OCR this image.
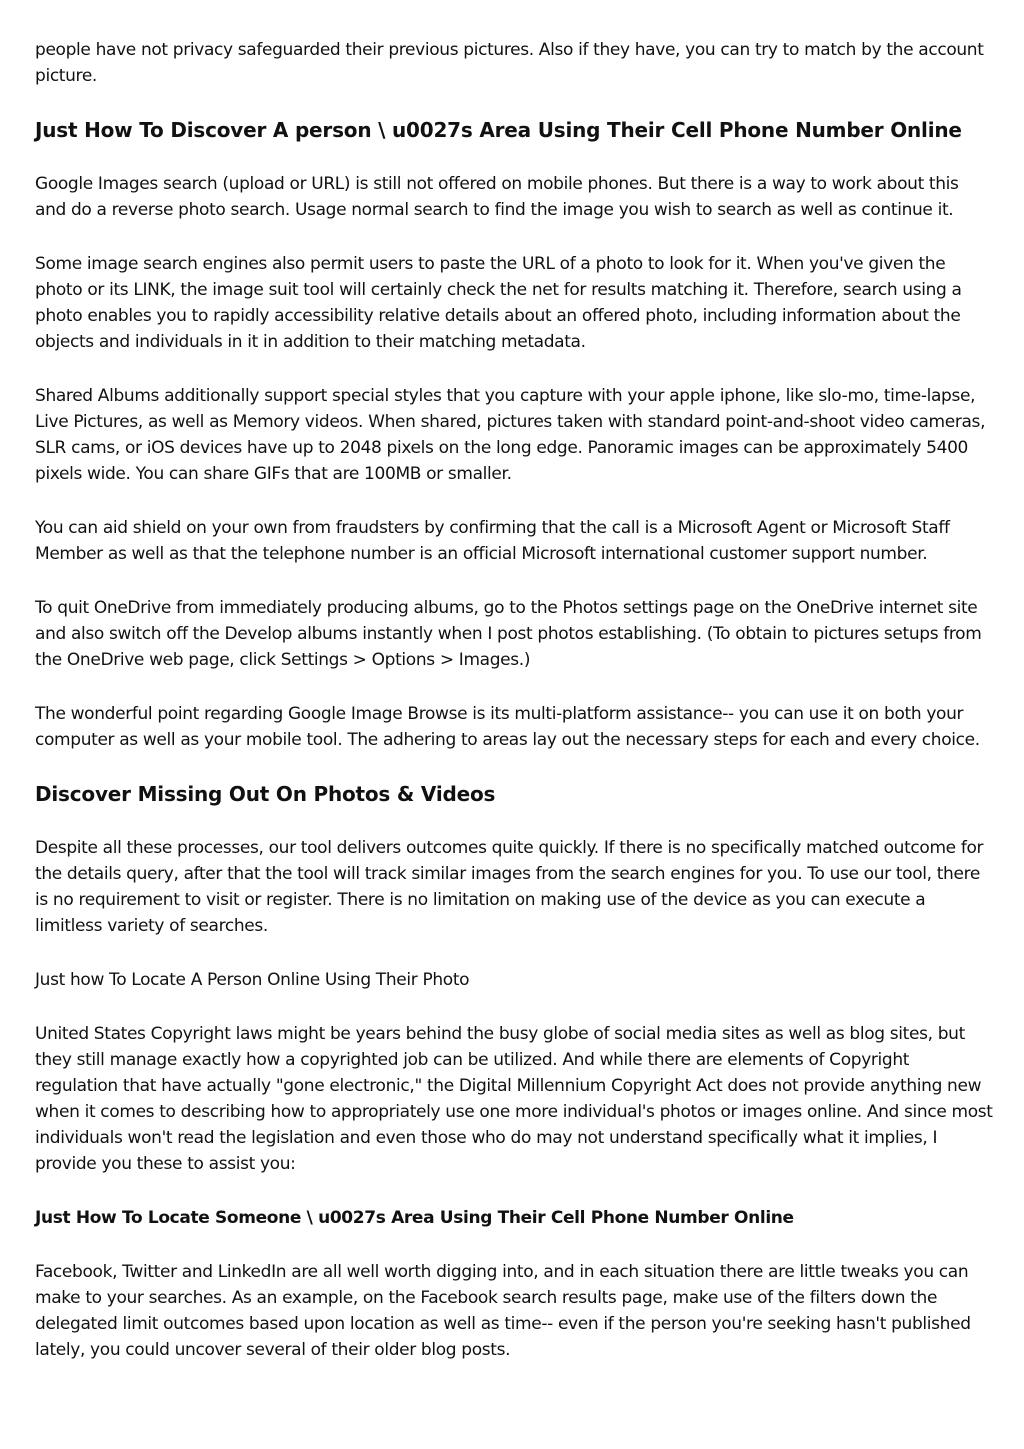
people have not privacy safeguarded their previous pictures. Also if they have, you can try to match by the account picture.

Just How To Discover A person \ u0027s Area Using Their Cell Phone Number Online

Google Images search (upload or URL) is still not offered on mobile phones. But there is a way to work about this and do a reverse photo search. Usage normal search to find the image you wish to search as well as continue it.

Some image search engines also permit users to paste the URL of a photo to look for it. When you've given the photo or its LINK, the image suit tool will certainly check the net for results matching it. Therefore, search using a photo enables you to rapidly accessibility relative details about an offered photo, including information about the objects and individuals in it in addition to their matching metadata.

Shared Albums additionally support special styles that you capture with your apple iphone, like slo-mo, time-lapse, Live Pictures, as well as Memory videos. When shared, pictures taken with standard point-and-shoot video cameras, SLR cams, or iOS devices have up to 2048 pixels on the long edge. Panoramic images can be approximately 5400 pixels wide. You can share GIFs that are 100MB or smaller.

You can aid shield on your own from fraudsters by confirming that the call is a Microsoft Agent or Microsoft Staff Member as well as that the telephone number is an official Microsoft international customer support number.

To quit OneDrive from immediately producing albums, go to the Photos settings page on the OneDrive internet site and also switch off the Develop albums instantly when I post photos establishing. (To obtain to pictures setups from the OneDrive web page, click Settings > Options > Images.)

The wonderful point regarding Google Image Browse is its multi-platform assistance-- you can use it on both your computer as well as your mobile tool. The adhering to areas lay out the necessary steps for each and every choice.

Discover Missing Out On Photos & Videos

Despite all these processes, our tool delivers outcomes quite quickly. If there is no specifically matched outcome for the details query, after that the tool will track similar images from the search engines for you. To use our tool, there is no requirement to visit or register. There is no limitation on making use of the device as you can execute a limitless variety of searches.

Just how To Locate A Person Online Using Their Photo

United States Copyright laws might be years behind the busy globe of social media sites as well as blog sites, but they still manage exactly how a copyrighted job can be utilized. And while there are elements of Copyright regulation that have actually "gone electronic," the Digital Millennium Copyright Act does not provide anything new when it comes to describing how to appropriately use one more individual's photos or images online. And since most individuals won't read the legislation and even those who do may not understand specifically what it implies, I provide you these to assist you:

Just How To Locate Someone \ u0027s Area Using Their Cell Phone Number Online

Facebook, Twitter and LinkedIn are all well worth digging into, and in each situation there are little tweaks you can make to your searches. As an example, on the Facebook search results page, make use of the filters down the delegated limit outcomes based upon location as well as time-- even if the person you're seeking hasn't published lately, you could uncover several of their older blog posts.
